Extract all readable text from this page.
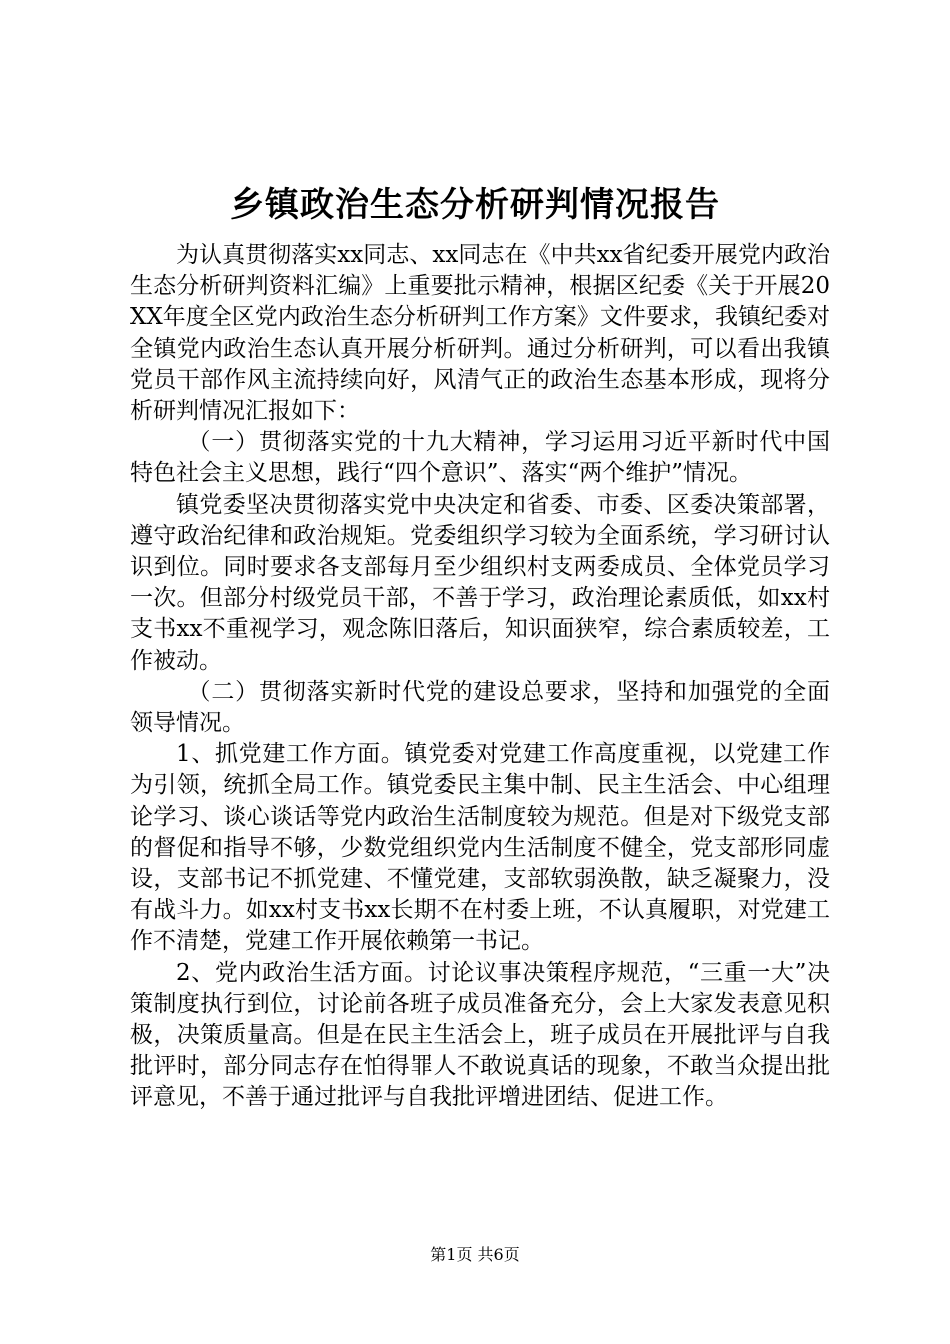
乡镇政治生态分析研判情况报告

为认真贯彻落实xx同志、xx同志在《中共xx省纪委开展党内政治生态分析研判资料汇编》上重要批示精神，根据区纪委《关于开展20XX年度全区党内政治生态分析研判工作方案》文件要求，我镇纪委对全镇党内政治生态认真开展分析研判。通过分析研判，可以看出我镇党员干部作风主流持续向好，风清气正的政治生态基本形成，现将分析研判情况汇报如下：

（一）贯彻落实党的十九大精神，学习运用习近平新时代中国特色社会主义思想，践行“四个意识”、落实“两个维护”情况。

镇党委坚决贯彻落实党中央决定和省委、市委、区委决策部署，遵守政治纪律和政治规矩。党委组织学习较为全面系统，学习研讨认识到位。同时要求各支部每月至少组织村支两委成员、全体党员学习一次。但部分村级党员干部，不善于学习，政治理论素质低，如xx村支书xx不重视学习，观念陈旧落后，知识面狭窄，综合素质较差，工作被动。

（二）贯彻落实新时代党的建设总要求，坚持和加强党的全面领导情况。

1、抓党建工作方面。镇党委对党建工作高度重视，以党建工作为引领，统抓全局工作。镇党委民主集中制、民主生活会、中心组理论学习、谈心谈话等党内政治生活制度较为规范。但是对下级党支部的督促和指导不够，少数党组织党内生活制度不健全，党支部形同虚设，支部书记不抓党建、不懂党建，支部软弱涣散，缺乏凝聚力，没有战斗力。如xx村支书xx长期不在村委上班，不认真履职，对党建工作不清楚，党建工作开展依赖第一书记。

2、党内政治生活方面。讨论议事决策程序规范，“三重一大”决策制度执行到位，讨论前各班子成员准备充分，会上大家发表意见积极，决策质量高。但是在民主生活会上，班子成员在开展批评与自我批评时，部分同志存在怕得罪人不敢说真话的现象，不敢当众提出批评意见，不善于通过批评与自我批评增进团结、促进工作。

第1页 共6页
